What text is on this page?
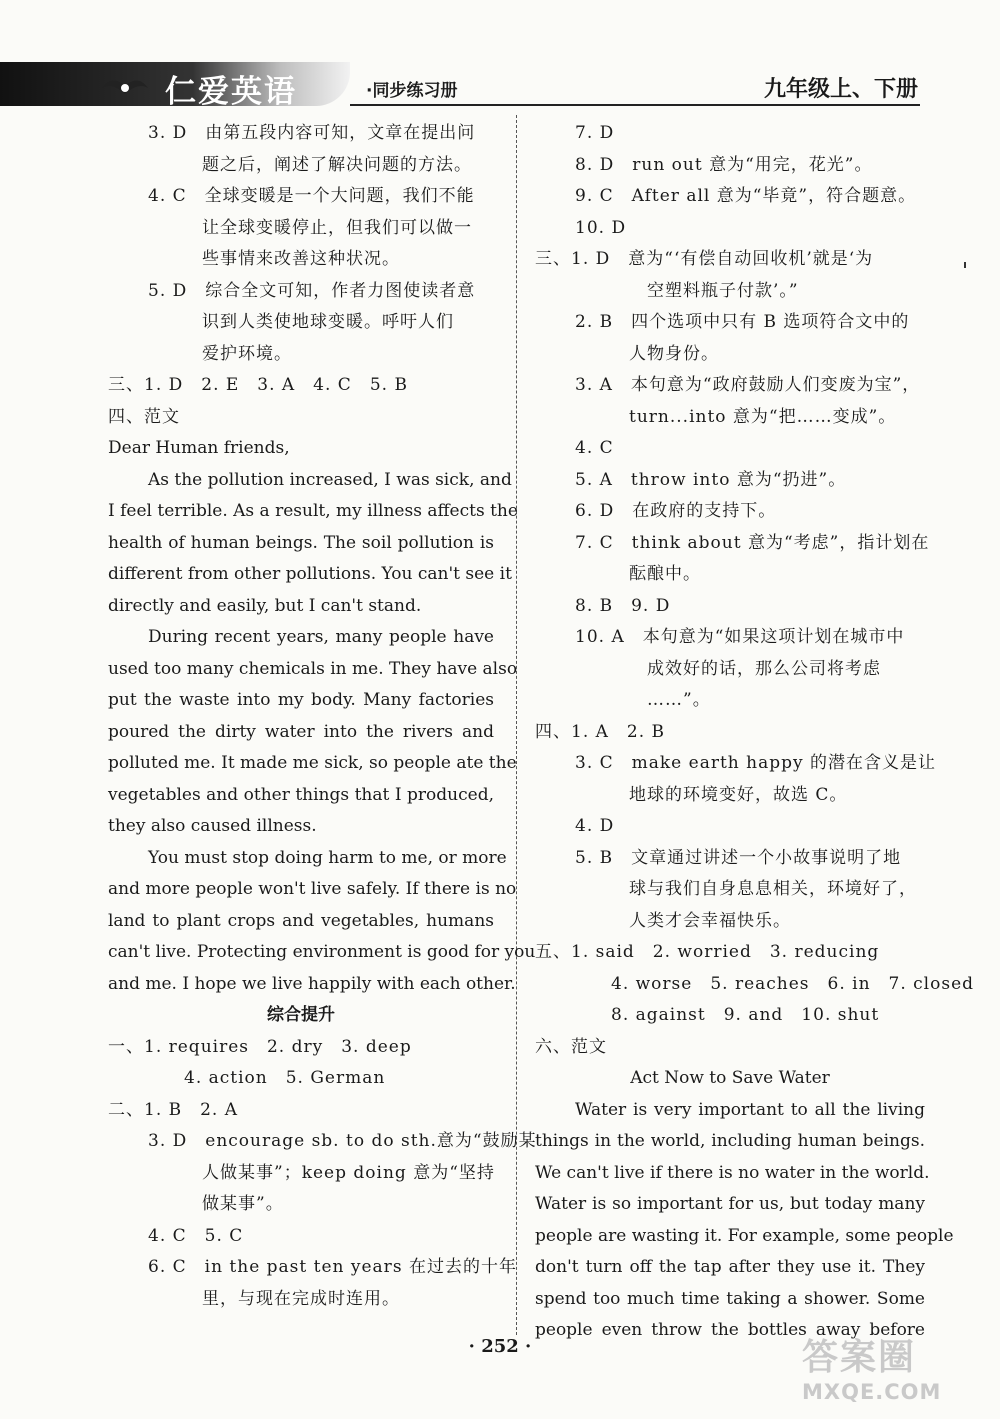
仁爱英语	·同步练习册	九年级上、下册
3. D　由第五段内容可知，文章在提出问
　　　题之后，阐述了解决问题的方法。
4. C　全球变暖是一个大问题，我们不能
　　　让全球变暖停止，但我们可以做一
　　　些事情来改善这种状况。
5. D　综合全文可知，作者力图使读者意
　　　识到人类使地球变暖。呼吁人们
　　　爱护环境。
三、1. D　2. E　3. A　4. C　5. B
四、范文
Dear Human friends,
As the pollution increased, I was sick, and
I feel terrible. As a result, my illness affects the
health of human beings. The soil pollution is
different from other pollutions. You can't see it
directly and easily, but I can't stand.
During recent years, many people have
used too many chemicals in me. They have also
put the waste into my body. Many factories
poured the dirty water into the rivers and
polluted me. It made me sick, so people ate the
vegetables and other things that I produced,
they also caused illness.
You must stop doing harm to me, or more
and more people won't live safely. If there is no
land to plant crops and vegetables, humans
can't live. Protecting environment is good for you
and me. I hope we live happily with each other.
综合提升
一、1. requires　2. dry　3. deep
　　4. action　5. German
二、1. B　2. A
3. D　encourage sb. to do sth.意为“鼓励某
　　　人做某事”；keep doing 意为“坚持
　　　做某事”。
4. C　5. C
6. C　in the past ten years 在过去的十年
　　　里，与现在完成时连用。
7. D
8. D　run out 意为“用完，花光”。
9. C　After all 意为“毕竟”，符合题意。
10. D
三、1. D　意为“‘有偿自动回收机’就是‘为
　　　　空塑料瓶子付款’。”
2. B　四个选项中只有 B 选项符合文中的
　　　人物身份。
3. A　本句意为“政府鼓励人们变废为宝”，
　　　turn...into 意为“把……变成”。
4. C
5. A　throw into 意为“扔进”。
6. D　在政府的支持下。
7. C　think about 意为“考虑”，指计划在
　　　酝酿中。
8. B　9. D
10. A　本句意为“如果这项计划在城市中
　　　　成效好的话，那么公司将考虑
　　　　……”。
四、1. A　2. B
3. C　make earth happy 的潜在含义是让
　　　地球的环境变好，故选 C。
4. D
5. B　文章通过讲述一个小故事说明了地
　　　球与我们自身息息相关，环境好了，
　　　人类才会幸福快乐。
五、1. said　2. worried　3. reducing
　　4. worse　5. reaches　6. in　7. closed
　　8. against　9. and　10. shut
六、范文
Act Now to Save Water
Water is very important to all the living
things in the world, including human beings.
We can't live if there is no water in the world.
Water is so important for us, but today many
people are wasting it. For example, some people
don't turn off the tap after they use it. They
spend too much time taking a shower. Some
people even throw the bottles away before
· 252 ·	答案圈
MXQE.COM
